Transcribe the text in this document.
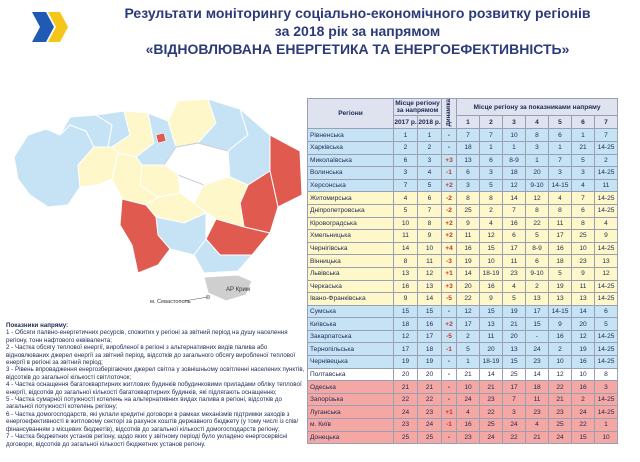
Результати моніторингу соціально-економічного розвитку регіонів
за 2018 рік за напрямом
«ВІДНОВЛЮВАНА ЕНЕРГЕТИКА ТА ЕНЕРГОЕФЕКТИВНІСТЬ»
АР Крим
м. Севастополь
Показники напряму:
1 - Обсяги палвно-енергетичних ресурсів, спожитих у регіоні за звітний період на душу населення регіону, тонн нафтового еквівалента;
2 - Частка обсягу теплової енергії, виробленої в регіоні з альтернативних видів палива або відновлюваних джерел енергії за звітний період, відсотків до загального обсягу виробленої теплової енергії в регіоні за звітний період;
3 - Рівень впровадження енергозберігаючих джерел світла у зовнішньому освітленні населених пунктів, відсотків до загальної кількості світлоточок;
4 - Частка оснащення багатоквартирних житлових будинків побудинковими приладами обліку теплової енергії, відсотків до загальної кількості багатоквартирних будинків, які підлягають оснащенню;
5 - Частка сумарної потужності котелень на альтернативних видах палива в регіоні, відсотків до загальної потужності котелень регіону;
6 - Частка домогосподарств, які уклали кредитні договори в рамках механізмів підтримки заходів з енергоефективності в житловому секторі за рахунок коштів державного бюджету (у тому числі із спів/фінансуванням з місцевих бюджетів), відсотків до загальної кількості домогосподарств регіону;
7 - Частка бюджетних установ регіону, щодо яких у звітному періоді було укладено енергосервісні договори, відсотків до загальної кількості бюджетних установ регіону.
Регіони	Місце регіону за напрямом		Динаміка	Місце регіону за показниками напряму						
	2017 р.	2018 р.		1	2	3	4	5	6	7
Рівненська	1	1	-	7	7	10	8	6	1	7
Харківська	2	2	-	18	1	1	3	1	21	14-25
Миколаївська	6	3	+3	13	6	8-9	1	7	5	2
Волинська	3	4	-1	6	3	18	20	3	3	14-25
Херсонська	7	5	+2	3	5	12	9-10	14-15	4	11
Житомирська	4	6	-2	8	8	14	12	4	7	14-25
Дніпропетровська	5	7	-2	25	2	7	8	8	6	14-25
Кіровоградська	10	8	+2	9	4	16	22	11	8	4
Хмельницька	11	9	+2	11	12	6	5	17	25	9
Чернігівська	14	10	+4	16	15	17	8-9	16	10	14-25
Вінницька	8	11	-3	19	10	11	6	18	23	13
Львівська	13	12	+1	14	18-19	23	9-10	5	9	12
Черкаська	16	13	+3	20	16	4	2	19	11	14-25
Івано-Франківська	9	14	-5	22	9	5	13	13	13	14-25
Сумська	15	15	-	12	15	19	17	14-15	14	6
Київська	18	16	+2	17	13	21	15	9	20	5
Закарпатська	12	17	-5	2	11	20	-	16	12	14-25
Тернопільська	17	18	-1	5	20	13	24	2	19	14-25
Чернівецька	19	19	-	1	18-19	15	23	10	16	14-25
Полтавська	20	20	-	21	14	25	14	12	10	8
Одеська	21	21	-	10	21	17	18	22	16	3
Запорізька	22	22	-	24	23	7	11	21	2	14-25
Луганська	24	23	+1	4	22	3	23	23	24	14-25
м. Київ	23	24	-1	16	25	24	4	25	22	1
Донецька	25	25	-	23	24	22	21	24	15	10
